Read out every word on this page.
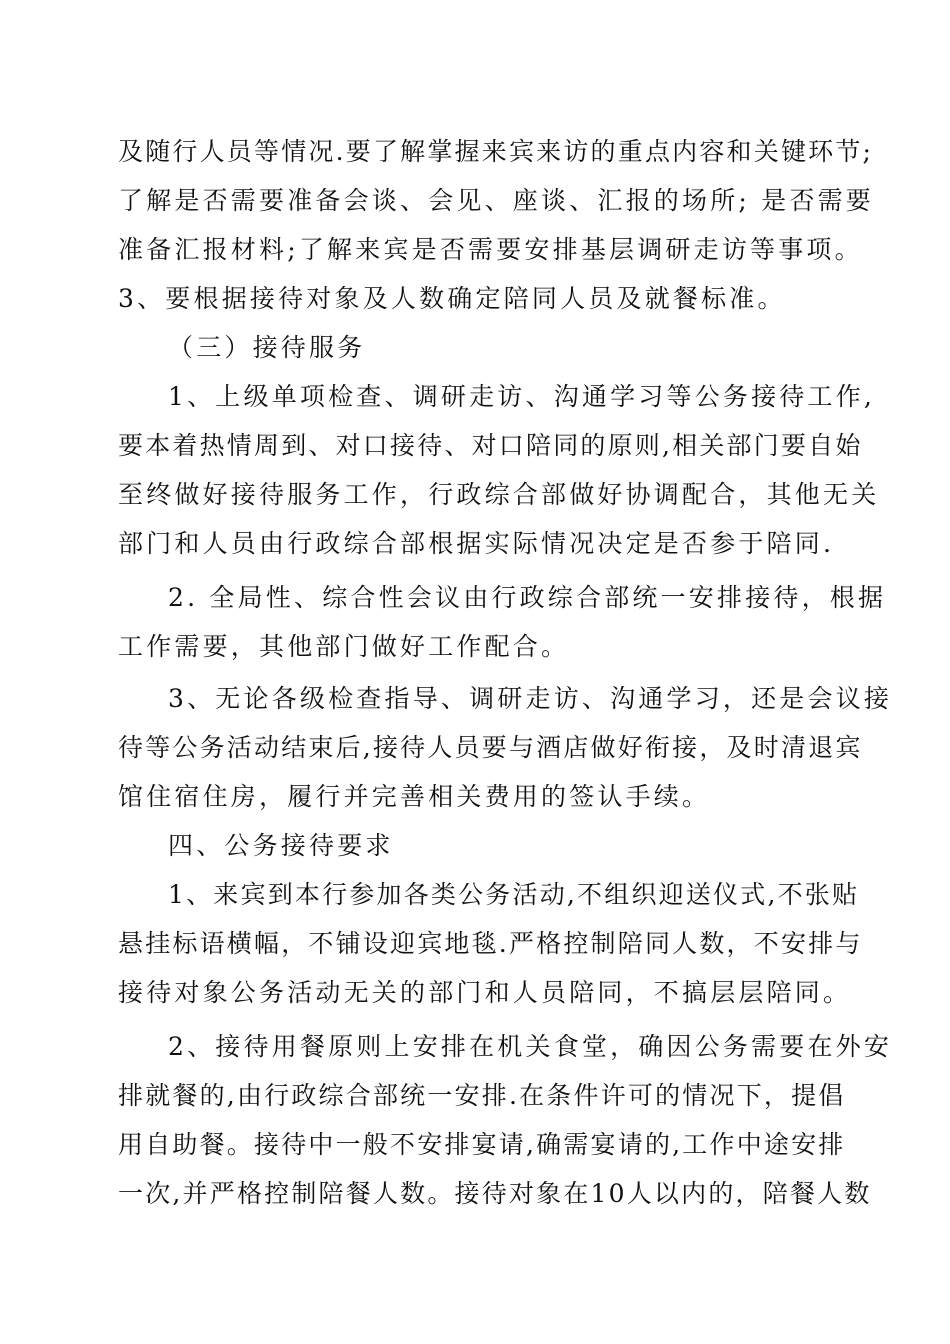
及随行人员等情况.要了解掌握来宾来访的重点内容和关键环节;
了解是否需要准备会谈、会见、座谈、汇报的场所; 是否需要
准备汇报材料;了解来宾是否需要安排基层调研走访等事项。
3、要根据接待对象及人数确定陪同人员及就餐标准。
（三）接待服务
1、上级单项检查、调研走访、沟通学习等公务接待工作,
要本着热情周到、对口接待、对口陪同的原则,相关部门要自始
至终做好接待服务工作，行政综合部做好协调配合，其他无关
部门和人员由行政综合部根据实际情况决定是否参于陪同.
2. 全局性、综合性会议由行政综合部统一安排接待，根据
工作需要，其他部门做好工作配合。
3、无论各级检查指导、调研走访、沟通学习，还是会议接
待等公务活动结束后,接待人员要与酒店做好衔接，及时清退宾
馆住宿住房，履行并完善相关费用的签认手续。
四、公务接待要求
1、来宾到本行参加各类公务活动,不组织迎送仪式,不张贴
悬挂标语横幅，不铺设迎宾地毯.严格控制陪同人数，不安排与
接待对象公务活动无关的部门和人员陪同，不搞层层陪同。
2、接待用餐原则上安排在机关食堂，确因公务需要在外安
排就餐的,由行政综合部统一安排.在条件许可的情况下，提倡
用自助餐。接待中一般不安排宴请,确需宴请的,工作中途安排
一次,并严格控制陪餐人数。接待对象在10人以内的，陪餐人数
